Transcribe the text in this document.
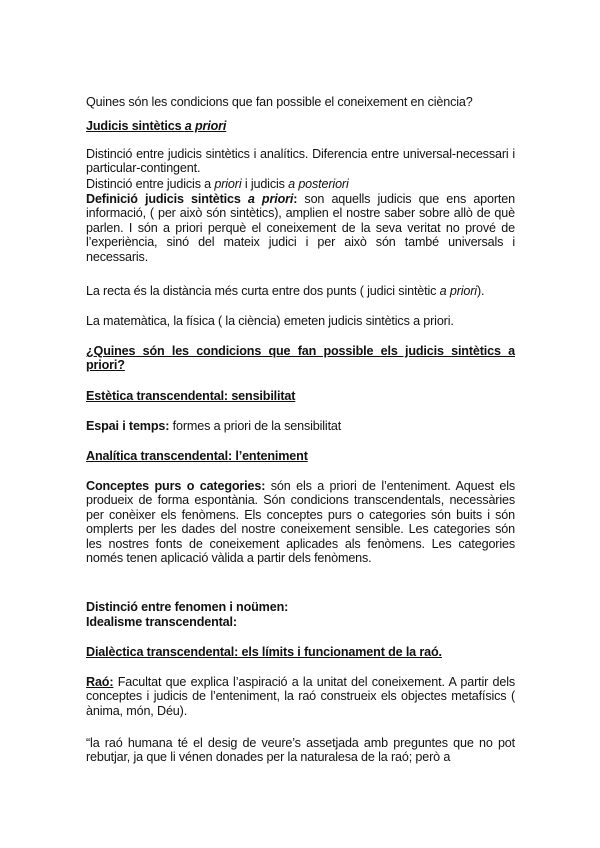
Quines són les condicions que fan possible el coneixement en ciència?

Judicis sintètics a priori

Distinció entre judicis sintètics i analítics. Diferencia entre universal-necessari i particular-contingent.

Distinció entre judicis a priori i judicis a posteriori

Definició judicis sintètics a priori: son aquells judicis que ens aporten informació, ( per això són sintètics), amplien el nostre saber sobre allò de què parlen. I són a priori perquè el coneixement de la seva veritat no prové de l’experiència, sinó del mateix judici i per això són també universals i necessaris.

La recta és la distància més curta entre dos punts ( judici sintètic a priori).

La matemàtica, la física ( la ciència) emeten judicis sintètics a priori.

¿Quines són les condicions que fan possible els judicis sintètics a priori?

Estètica transcendental: sensibilitat

Espai i temps: formes a priori de la sensibilitat

Analítica transcendental: l’enteniment

Conceptes purs o categories: són els a priori de l’enteniment. Aquest els produeix de forma espontània. Són condicions transcendentals, necessàries per conèixer els fenòmens. Els conceptes purs o categories són buits i són omplerts per les dades del nostre coneixement sensible. Les categories són les nostres fonts de coneixement aplicades als fenòmens. Les categories només tenen aplicació vàlida a partir dels fenòmens.

Distinció entre fenomen i noümen:

Idealisme transcendental:

Dialèctica transcendental: els límits i funcionament de la raó.

Raó: Facultat que explica l’aspiració a la unitat del coneixement. A partir dels conceptes i judicis de l’enteniment, la raó construeix els objectes metafísics ( ànima, món, Déu).

“la raó humana té el desig de veure’s assetjada amb preguntes que no pot rebutjar, ja que li vénen donades per la naturalesa de la raó; però a
